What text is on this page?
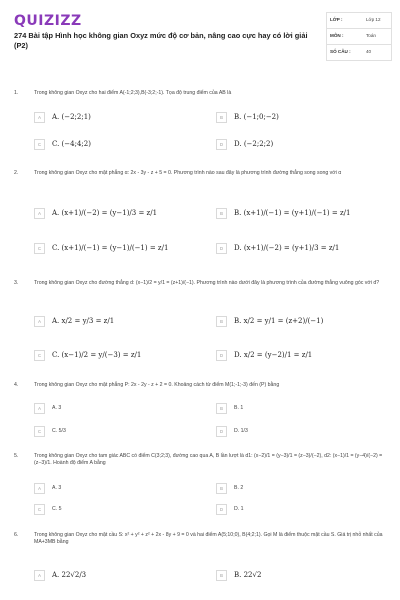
QUIZIZZ
274 Bài tập Hình học không gian Oxyz mức độ cơ bản, nâng cao cực hay có lời giải (P2)
LỚP :	Lớp 12
MÔN :	Toán
SỐ CÂU :	40
1.	Trong không gian Oxyz cho hai điểm A(-1;2;3),B(-3;2;-1). Tọa độ trung điểm của AB là
A	A. (−2;2;1)	B	B. (−1;0;−2)
C	C. (−4;4;2)	D	D. (−2;2;2)
2.	Trong không gian Oxyz cho mặt phẳng α: 2x - 3y - z + 5 = 0. Phương trình nào sau đây là phương trình đường thẳng song song với α
A	A. (x+1)/(−2) = (y−1)/3 = z/1	B	B. (x+1)/(−1) = (y+1)/(−1) = z/1
C	C. (x+1)/(−1) = (y−1)/(−1) = z/1	D	D. (x+1)/(−2) = (y+1)/3 = z/1
3.	Trong không gian Oxyz cho đường thẳng d: (x−1)/2 = y/1 = (z+1)/(−1). Phương trình nào dưới đây là phương trình của đường thẳng vuông góc với d?
A	A. x/2 = y/3 = z/1	B	B. x/2 = y/1 = (z+2)/(−1)
C	C. (x−1)/2 = y/(−3) = z/1	D	D. x/2 = (y−2)/1 = z/1
4.	Trong không gian Oxyz cho mặt phẳng P: 2x - 2y - z + 2 = 0. Khoảng cách từ điểm M(1;-1;-3) đến (P) bằng
A	A. 3	B	B. 1
C	C. 5/3	D	D. 1/3
5.	Trong không gian Oxyz cho tam giác ABC có điểm C(3;2;3), đường cao qua A, B lần lượt là d1: (x−2)/1 = (y−3)/1 = (z−3)/(−2), d2: (x−1)/1 = (y−4)/(−2) = (z−3)/1. Hoành độ điểm A bằng
A	A. 3	B	B. 2
C	C. 5	D	D. 1
6.	Trong không gian Oxyz cho mặt cầu S: x² + y² + z² + 2x - 8y + 9 = 0 và hai điểm A(5;10;0), B(4;2;1). Gọi M là điểm thuộc mặt cầu S. Giá trị nhỏ nhất của MA+3MB bằng
A	A. 22√2/3	B	B. 22√2
